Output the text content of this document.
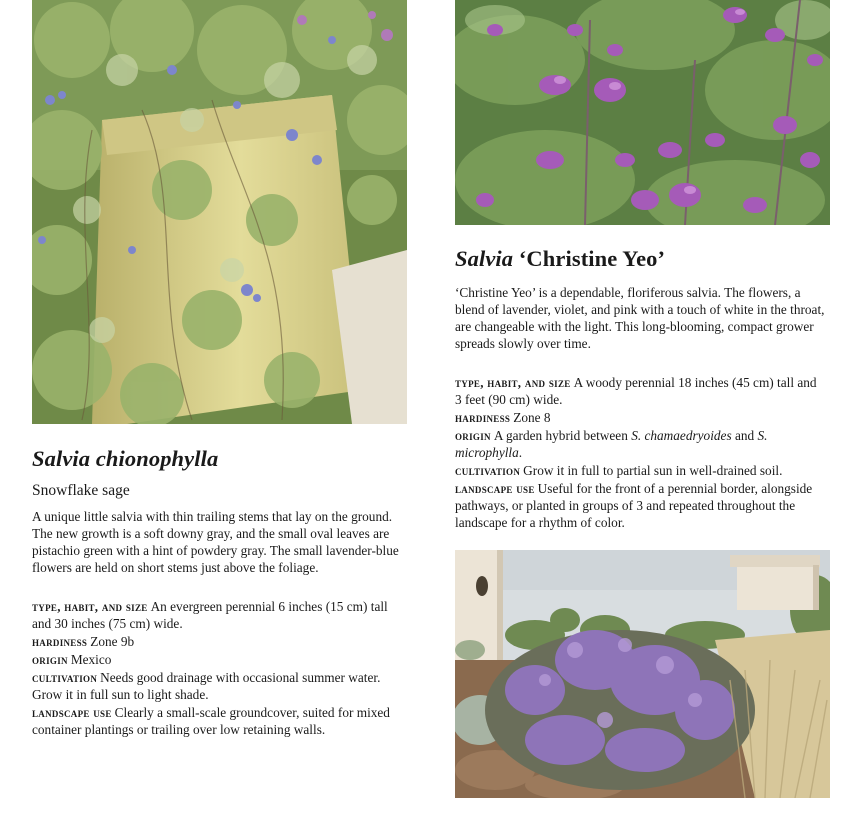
Salvia chionophylla

Snowflake sage

A unique little salvia with thin trailing stems that lay on the ground. The new growth is a soft downy gray, and the small oval leaves are pistachio green with a hint of powdery gray. The small lavender-blue flowers are held on short stems just above the foliage.

type, habit, and size An evergreen perennial 6 inches (15 cm) tall and 30 inches (75 cm) wide.

hardiness Zone 9b

origin Mexico

cultivation Needs good drainage with occasional summer water. Grow it in full sun to light shade.

landscape use Clearly a small-scale groundcover, suited for mixed container plantings or trailing over low retaining walls.

Salvia ‘Christine Yeo’

‘Christine Yeo’ is a dependable, floriferous salvia. The flowers, a blend of lavender, violet, and pink with a touch of white in the throat, are changeable with the light. This long-blooming, compact grower spreads slowly over time.

type, habit, and size A woody perennial 18 inches (45 cm) tall and 3 feet (90 cm) wide.

hardiness Zone 8

origin A garden hybrid between S. chamaedryoides and S. microphylla.

cultivation Grow it in full to partial sun in well-drained soil.

landscape use Useful for the front of a perennial border, alongside pathways, or planted in groups of 3 and repeated throughout the landscape for a rhythm of color.
